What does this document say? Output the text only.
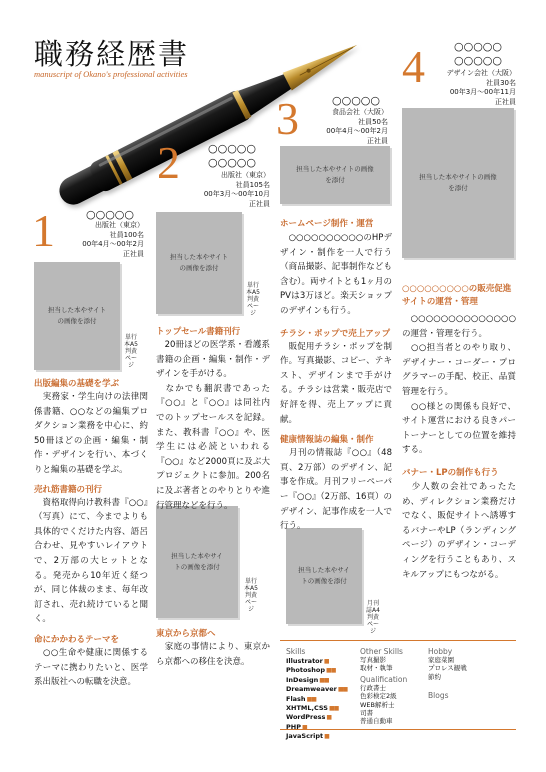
職務経歴書
manuscript of Okano's professional activities
1	○○○○○
出版社（東京）
社員100名
00年4月〜00年2月
正社員
担当した本やサイトの画像を添付
単行本A5判黄ページ
2	○○○○○
○○○○○
出版社（東京）
社員105名
00年3月〜00年10月
正社員
担当した本やサイトの画像を添付
単行本A5判黄ページ
担当した本やサイトの画像を添付
単行本A5判黄ページ
3	○○○○○
食品会社（大阪）
社員50名
00年4月〜00年2月
正社員
担当した本やサイトの画像を添付
担当した本やサイトの画像を添付
月刊誌A4判黄ページ
4	○○○○○
○○○○○
デザイン会社（大阪）
社員30名
00年3月〜00年11月
正社員
担当した本やサイトの画像を添付
出版編集の基礎を学ぶ
　実務家・学生向けの法律関係書籍、○○などの編集プロダクション業務を中心に、約50冊ほどの企画・編集・制作・デザインを行い、本づくりと編集の基礎を学ぶ。
売れ筋書籍の刊行
　資格取得向け教科書『○○』（写真）にて、今までよりも具体的でくだけた内容、語呂合わせ、見やすいレイアウトで、2万部の大ヒットとなる。発売から10年近く経つが、同じ体裁のまま、毎年改訂され、売れ続けていると聞く。
命にかかわるテーマを
　○○生命や健康に関係するテーマに携わりたいと、医学系出版社への転職を決意。
トップセール書籍刊行
　20冊ほどの医学系・看護系書籍の企画・編集・制作・デザインを手がける。
　なかでも翻訳書であった『○○』と『○○』は同社内でのトップセールスを記録。また、教科書『○○』や、医学生には必読といわれる『○○』など2000頁に及ぶ大プロジェクトに参加。200名に及ぶ著者とのやりとりや進行管理などを行う。
東京から京都へ
　家庭の事情により、東京から京都への移住を決意。
ホームページ制作・運営
　○○○○○○○○○○のHPデザイン・制作を一人で行う（商品撮影、記事制作なども含む）。両サイトとも1ヶ月のPVは3万ほど。楽天ショップのデザインも行う。
チラシ・ポップで売上アップ
　販促用チラシ・ポップを制作。写真撮影、コピー、テキスト、デザインまで手がける。チラシは営業・販売店で好評を得、売上アップに貢献。
健康情報誌の編集・制作
　月刊の情報誌『○○』（48頁、2万部）のデザイン、記事を作成。月刊フリーペーパー『○○』（2万部、16頁）のデザイン、記事作成を一人で行う。
○○○○○○○○○の販売促進サイトの運営・管理
　○○○○○○○○○○○○○○の運営・管理を行う。
　○○担当者とのやり取り、デザイナー・コーダー・プログラマーの手配、校正、品質管理を行う。
　○○様との関係も良好で、サイト運営における良きパートーナーとしての位置を維持する。
バナー・LPの制作も行う
　少人数の会社であったため、ディレクション業務だけでなく、販促サイトへ誘導するバナーやLP（ランディングページ）のデザイン・コーディングを行うこともあり、スキルアップにもつながる。
Skills
Illustrator■
Photoshop■■
InDesign■■
Dreamweaver■■
Flash■■
XHTML,CSS■■
WordPress■
PHP■
JavaScript■
Other Skills
写真撮影
取材・執筆
Qualification
行政書士
色彩検定2級
WEB解析士
司書
普通自動車
Hobby
家庭菜園
プロレス観戦
節約
Blogs
